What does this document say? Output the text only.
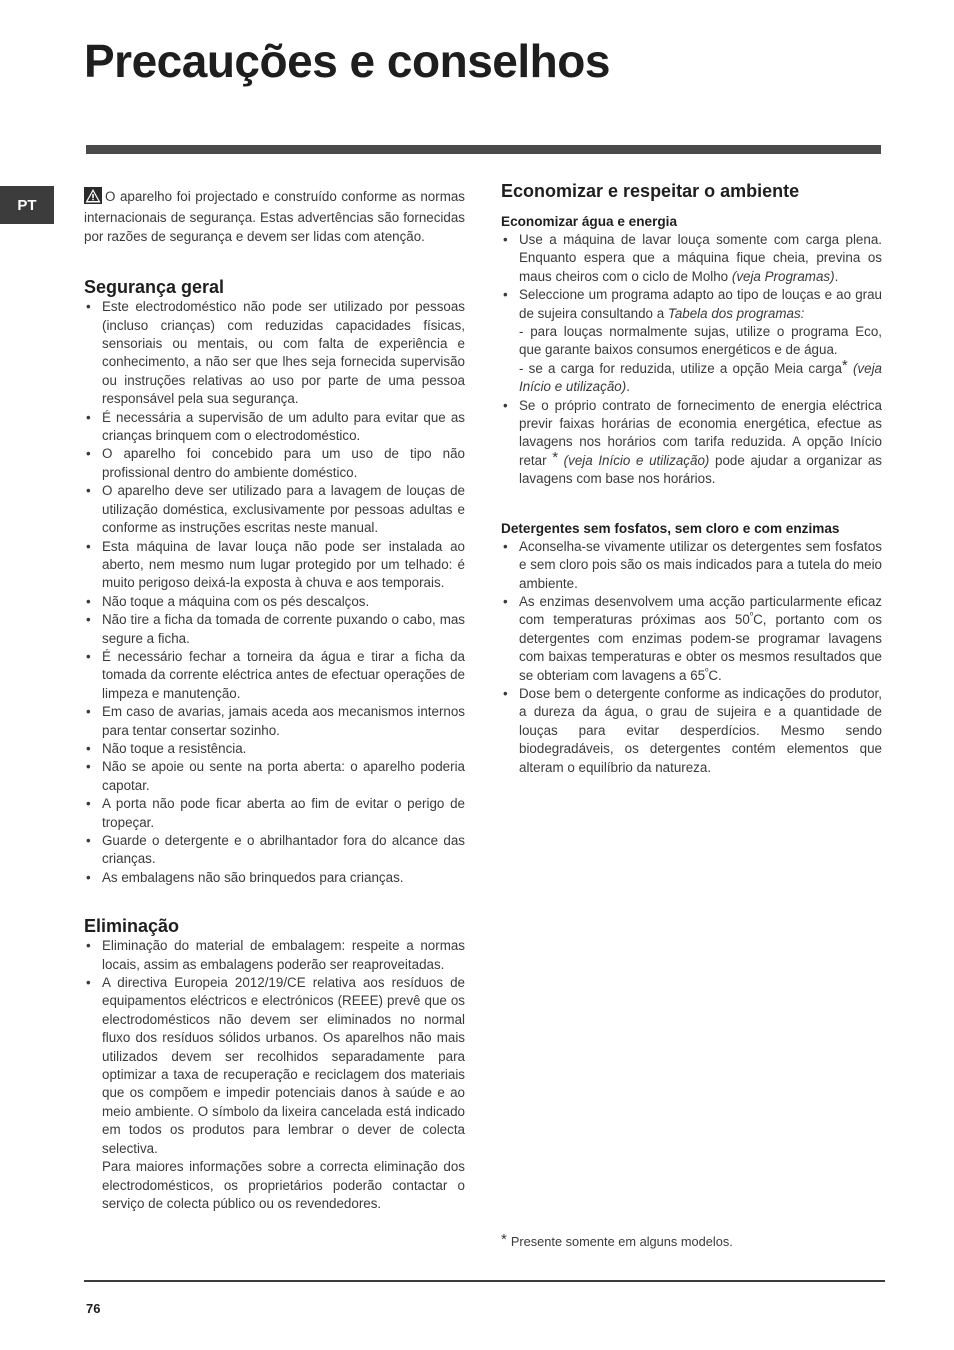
Precauções e conselhos
PT	O aparelho foi projectado e construído conforme as normas internacionais de segurança. Estas advertências são fornecidas por razões de segurança e devem ser lidas com atenção.

Segurança geral
• Este electrodoméstico não pode ser utilizado por pessoas (incluso crianças) com reduzidas capacidades físicas, sensoriais ou mentais, ou com falta de experiência e conhecimento, a não ser que lhes seja fornecida supervisão ou instruções relativas ao uso por parte de uma pessoa responsável pela sua segurança.
• É necessária a supervisão de um adulto para evitar que as crianças brinquem com o electrodoméstico.
• O aparelho foi concebido para um uso de tipo não profissional dentro do ambiente doméstico.
• O aparelho deve ser utilizado para a lavagem de louças de utilização doméstica, exclusivamente por pessoas adultas e conforme as instruções escritas neste manual.
• Esta máquina de lavar louça não pode ser instalada ao aberto, nem mesmo num lugar protegido por um telhado: é muito perigoso deixá-la exposta à chuva e aos temporais.
• Não toque a máquina com os pés descalços.
• Não tire a ficha da tomada de corrente puxando o cabo, mas segure a ficha.
• É necessário fechar a torneira da água e tirar a ficha da tomada da corrente eléctrica antes de efectuar operações de limpeza e manutenção.
• Em caso de avarias, jamais aceda aos mecanismos internos para tentar consertar sozinho.
• Não toque a resistência.
• Não se apoie ou sente na porta aberta: o aparelho poderia capotar.
• A porta não pode ficar aberta ao fim de evitar o perigo de tropeçar.
• Guarde o detergente e o abrilhantador fora do alcance das crianças.
• As embalagens não são brinquedos para crianças.
Eliminação
• Eliminação do material de embalagem: respeite a normas locais, assim as embalagens poderão ser reaproveitadas.
• A directiva Europeia 2012/19/CE relativa aos resíduos de equipamentos eléctricos e electrónicos (REEE) prevê que os electrodomésticos não devem ser eliminados no normal fluxo dos resíduos sólidos urbanos. Os aparelhos não mais utilizados devem ser recolhidos separadamente para optimizar a taxa de recuperação e reciclagem dos materiais que os compõem e impedir potenciais danos à saúde e ao meio ambiente. O símbolo da lixeira cancelada está indicado em todos os produtos para lembrar o dever de colecta selectiva.
Para maiores informações sobre a correcta eliminação dos electrodomésticos, os proprietários poderão contactar o serviço de colecta público ou os revendedores.
Economizar e respeitar o ambiente
Economizar água e energia
• Use a máquina de lavar louça somente com carga plena. Enquanto espera que a máquina fique cheia, previna os maus cheiros com o ciclo de Molho (veja Programas).
• Seleccione um programa adapto ao tipo de louças e ao grau de sujeira consultando a Tabela dos programas:
- para louças normalmente sujas, utilize o programa Eco, que garante baixos consumos energéticos e de água.
- se a carga for reduzida, utilize a opção Meia carga* (veja Início e utilização).
• Se o próprio contrato de fornecimento de energia eléctrica previr faixas horárias de economia energética, efectue as lavagens nos horários com tarifa reduzida. A opção Início retar * (veja Início e utilização) pode ajudar a organizar as lavagens com base nos horários.
Detergentes sem fosfatos, sem cloro e com enzimas
• Aconselha-se vivamente utilizar os detergentes sem fosfatos e sem cloro pois são os mais indicados para a tutela do meio ambiente.
• As enzimas desenvolvem uma acção particularmente eficaz com temperaturas próximas aos $50^ºC$, portanto com os detergentes com enzimas podem-se programar lavagens com baixas temperaturas e obter os mesmos resultados que se obteriam com lavagens a $65^ºC$.
• Dose bem o detergente conforme as indicações do produtor, a dureza da água, o grau de sujeira e a quantidade de louças para evitar desperdícios. Mesmo sendo biodegradáveis, os detergentes contém elementos que alteram o equilíbrio da natureza.
* Presente somente em alguns modelos.
76
